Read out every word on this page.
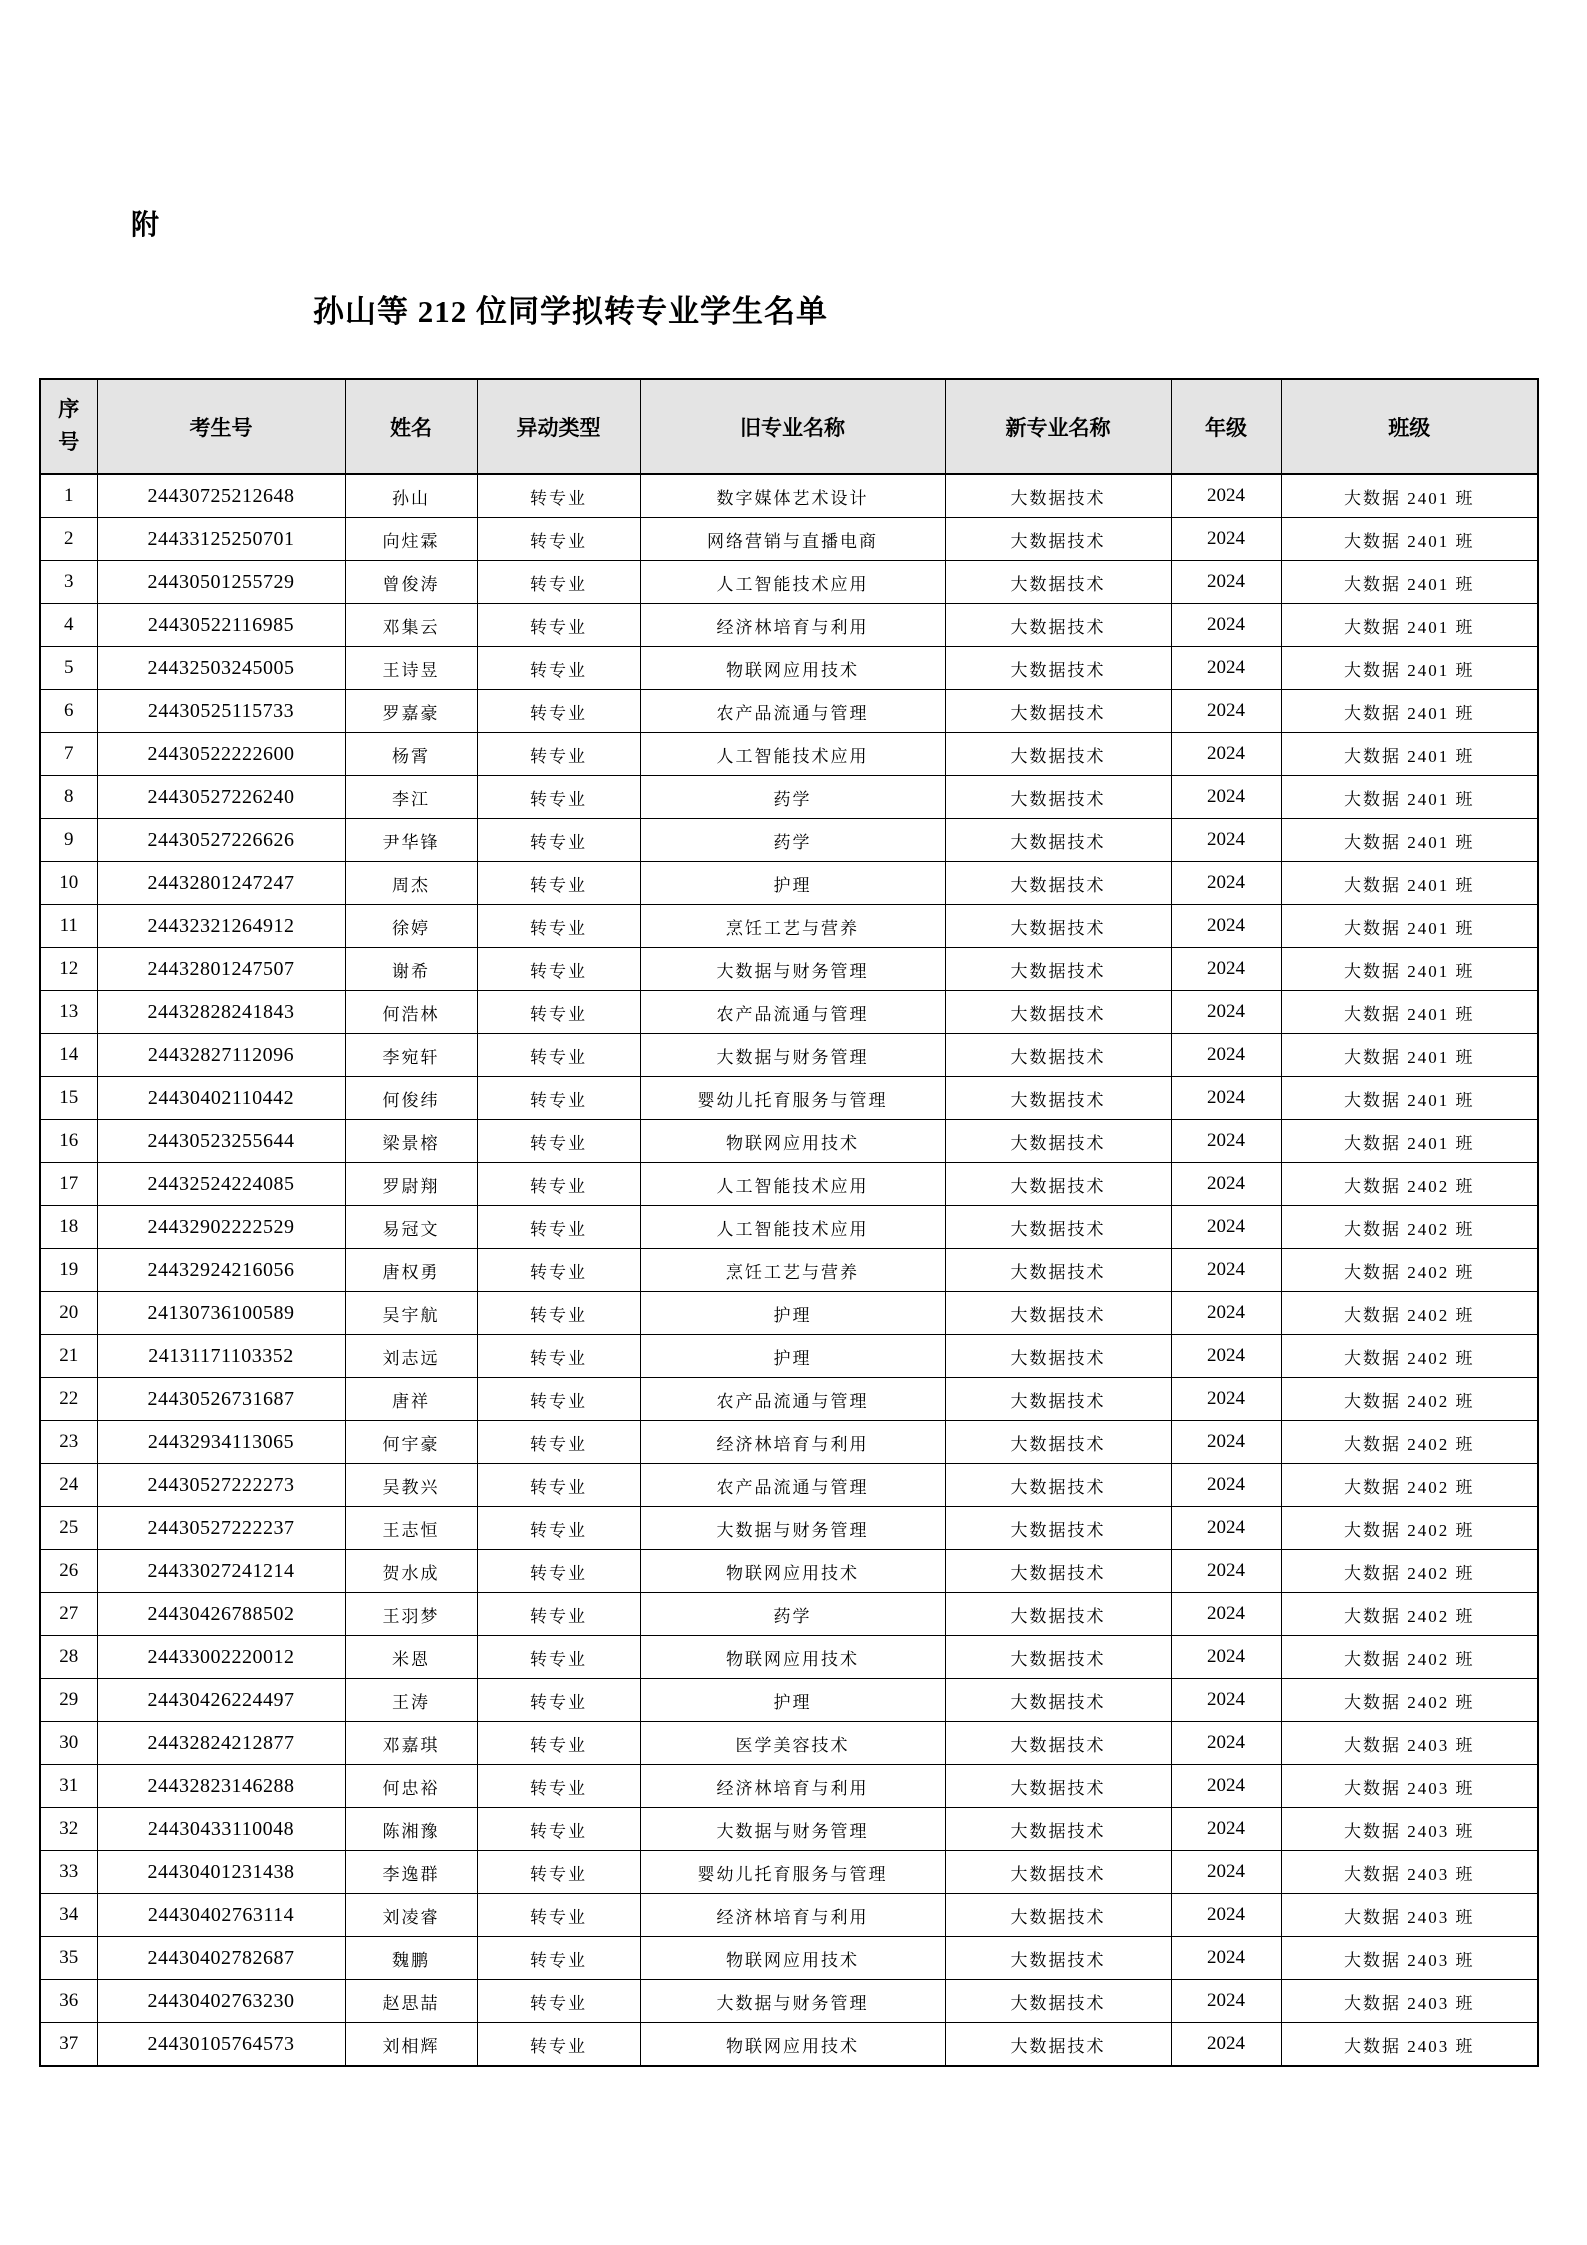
附
孙山等 212 位同学拟转专业学生名单
序号	考生号	姓名	异动类型	旧专业名称	新专业名称	年级	班级
1	24430725212648	孙山	转专业	数字媒体艺术设计	大数据技术	2024	大数据 2401 班
2	24433125250701	向炷霖	转专业	网络营销与直播电商	大数据技术	2024	大数据 2401 班
3	24430501255729	曾俊涛	转专业	人工智能技术应用	大数据技术	2024	大数据 2401 班
4	24430522116985	邓集云	转专业	经济林培育与利用	大数据技术	2024	大数据 2401 班
5	24432503245005	王诗昱	转专业	物联网应用技术	大数据技术	2024	大数据 2401 班
6	24430525115733	罗嘉豪	转专业	农产品流通与管理	大数据技术	2024	大数据 2401 班
7	24430522222600	杨霄	转专业	人工智能技术应用	大数据技术	2024	大数据 2401 班
8	24430527226240	李江	转专业	药学	大数据技术	2024	大数据 2401 班
9	24430527226626	尹华锋	转专业	药学	大数据技术	2024	大数据 2401 班
10	24432801247247	周杰	转专业	护理	大数据技术	2024	大数据 2401 班
11	24432321264912	徐婷	转专业	烹饪工艺与营养	大数据技术	2024	大数据 2401 班
12	24432801247507	谢希	转专业	大数据与财务管理	大数据技术	2024	大数据 2401 班
13	24432828241843	何浩林	转专业	农产品流通与管理	大数据技术	2024	大数据 2401 班
14	24432827112096	李宛轩	转专业	大数据与财务管理	大数据技术	2024	大数据 2401 班
15	24430402110442	何俊纬	转专业	婴幼儿托育服务与管理	大数据技术	2024	大数据 2401 班
16	24430523255644	梁景榕	转专业	物联网应用技术	大数据技术	2024	大数据 2401 班
17	24432524224085	罗尉翔	转专业	人工智能技术应用	大数据技术	2024	大数据 2402 班
18	24432902222529	易冠文	转专业	人工智能技术应用	大数据技术	2024	大数据 2402 班
19	24432924216056	唐权勇	转专业	烹饪工艺与营养	大数据技术	2024	大数据 2402 班
20	24130736100589	吴宇航	转专业	护理	大数据技术	2024	大数据 2402 班
21	24131171103352	刘志远	转专业	护理	大数据技术	2024	大数据 2402 班
22	24430526731687	唐祥	转专业	农产品流通与管理	大数据技术	2024	大数据 2402 班
23	24432934113065	何宇豪	转专业	经济林培育与利用	大数据技术	2024	大数据 2402 班
24	24430527222273	吴教兴	转专业	农产品流通与管理	大数据技术	2024	大数据 2402 班
25	24430527222237	王志恒	转专业	大数据与财务管理	大数据技术	2024	大数据 2402 班
26	24433027241214	贺水成	转专业	物联网应用技术	大数据技术	2024	大数据 2402 班
27	24430426788502	王羽梦	转专业	药学	大数据技术	2024	大数据 2402 班
28	24433002220012	米恩	转专业	物联网应用技术	大数据技术	2024	大数据 2402 班
29	24430426224497	王涛	转专业	护理	大数据技术	2024	大数据 2402 班
30	24432824212877	邓嘉琪	转专业	医学美容技术	大数据技术	2024	大数据 2403 班
31	24432823146288	何忠裕	转专业	经济林培育与利用	大数据技术	2024	大数据 2403 班
32	24430433110048	陈湘豫	转专业	大数据与财务管理	大数据技术	2024	大数据 2403 班
33	24430401231438	李逸群	转专业	婴幼儿托育服务与管理	大数据技术	2024	大数据 2403 班
34	24430402763114	刘凌睿	转专业	经济林培育与利用	大数据技术	2024	大数据 2403 班
35	24430402782687	魏鹏	转专业	物联网应用技术	大数据技术	2024	大数据 2403 班
36	24430402763230	赵思喆	转专业	大数据与财务管理	大数据技术	2024	大数据 2403 班
37	24430105764573	刘相辉	转专业	物联网应用技术	大数据技术	2024	大数据 2403 班
